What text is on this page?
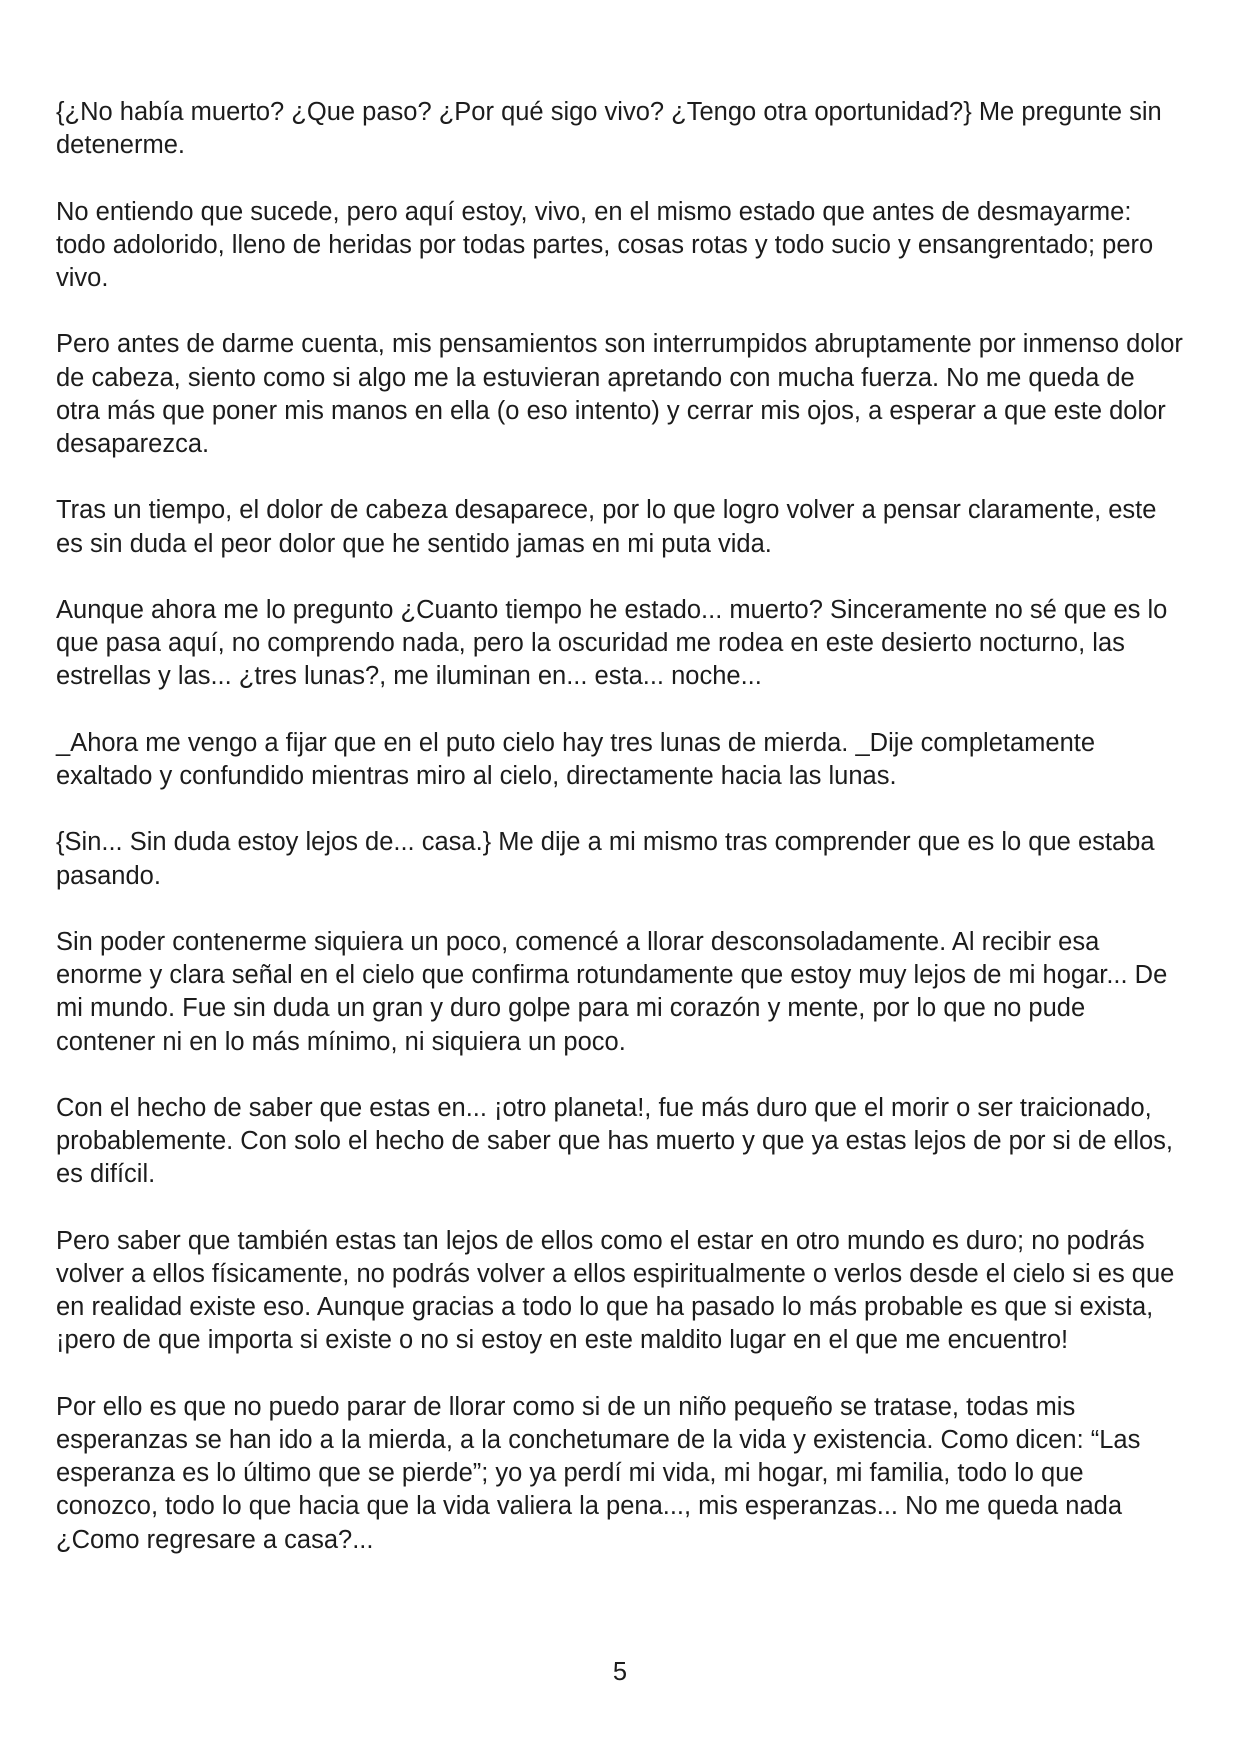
{¿No había muerto? ¿Que paso? ¿Por qué sigo vivo? ¿Tengo otra oportunidad?} Me pregunte sin detenerme.

No entiendo que sucede, pero aquí estoy, vivo, en el mismo estado que antes de desmayarme: todo adolorido, lleno de heridas por todas partes, cosas rotas y todo sucio y ensangrentado; pero vivo.

Pero antes de darme cuenta, mis pensamientos son interrumpidos abruptamente por inmenso dolor de cabeza, siento como si algo me la estuvieran apretando con mucha fuerza. No me queda de otra más que poner mis manos en ella (o eso intento) y cerrar mis ojos, a esperar a que este dolor desaparezca.

Tras un tiempo, el dolor de cabeza desaparece, por lo que logro volver a pensar claramente, este es sin duda el peor dolor que he sentido jamas en mi puta vida.

Aunque ahora me lo pregunto ¿Cuanto tiempo he estado... muerto? Sinceramente no sé que es lo que pasa aquí, no comprendo nada, pero la oscuridad me rodea en este desierto nocturno, las estrellas y las... ¿tres lunas?, me iluminan en... esta... noche...

_Ahora me vengo a fijar que en el puto cielo hay tres lunas de mierda. _Dije completamente exaltado y confundido mientras miro al cielo, directamente hacia las lunas.

{Sin... Sin duda estoy lejos de... casa.} Me dije a mi mismo tras comprender que es lo que estaba pasando.

Sin poder contenerme siquiera un poco, comencé a llorar desconsoladamente. Al recibir esa enorme y clara señal en el cielo que confirma rotundamente que estoy muy lejos de mi hogar... De mi mundo. Fue sin duda un gran y duro golpe para mi corazón y mente, por lo que no pude contener ni en lo más mínimo, ni siquiera un poco.

Con el hecho de saber que estas en... ¡otro planeta!, fue más duro que el morir o ser traicionado, probablemente. Con solo el hecho de saber que has muerto y que ya estas lejos de por si de ellos, es difícil.

Pero saber que también estas tan lejos de ellos como el estar en otro mundo es duro; no podrás volver a ellos físicamente, no podrás volver a ellos espiritualmente o verlos desde el cielo si es que en realidad existe eso. Aunque gracias a todo lo que ha pasado lo más probable es que si exista, ¡pero de que importa si existe o no si estoy en este maldito lugar en el que me encuentro!

Por ello es que no puedo parar de llorar como si de un niño pequeño se tratase, todas mis esperanzas se han ido a la mierda, a la conchetumare de la vida y existencia. Como dicen: “Las esperanza es lo último que se pierde”; yo ya perdí mi vida, mi hogar, mi familia, todo lo que conozco, todo lo que hacia que la vida valiera la pena..., mis esperanzas... No me queda nada ¿Como regresare a casa?...

5
